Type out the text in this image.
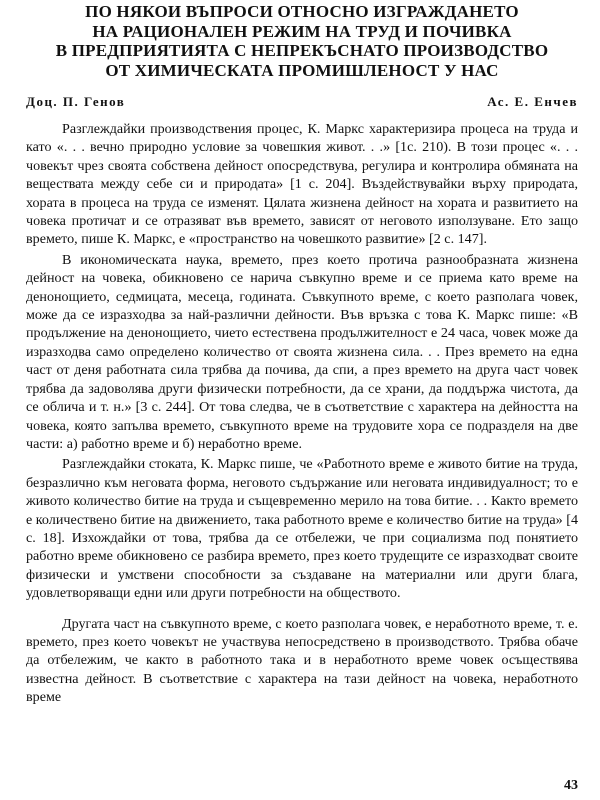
ПО НЯКОИ ВЪПРОСИ ОТНОСНО ИЗГРАЖДАНЕТО
НА РАЦИОНАЛЕН РЕЖИМ НА ТРУД И ПОЧИВКА
В ПРЕДПРИЯТИЯТА С НЕПРЕКЪСНАТО ПРОИЗВОДСТВО
ОТ ХИМИЧЕСКАТА ПРОМИШЛЕНОСТ У НАС
Доц. П. Генов	Ас. Е. Енчев

Разглеждайки производствения процес, К. Маркс характеризира процеса на труда и като «. . . вечно природно условие за човешкия живот. . .» [1с. 210). В този процес «. . . човекът чрез своята собствена дейност опосредствува, регулира и контролира обмяната на веществата между себе си и природата» [1 с. 204]. Въздействувайки върху природата, хората в процеса на труда се изменят. Цялата жизнена дейност на хората и развитието на човека протичат и се отразяват във времето, зависят от неговото използуване. Ето защо времето, пише К. Маркс, е «пространство на човешкото развитие» [2 с. 147].

В икономическата наука, времето, през което протича разнообразната жизнена дейност на човека, обикновено се нарича съвкупно време и се приема като време на денонощието, седмицата, месеца, годината. Съвкупното време, с което разполага човек, може да се изразходва за най-различни дейности. Във връзка с това К. Маркс пише: «В продължение на денонощието, чието естествена продължителност е 24 часа, човек може да изразходва само определено количество от своята жизнена сила. . . През времето на една част от деня работната сила трябва да почива, да спи, а през времето на друга част човек трябва да задоволява други физически потребности, да се храни, да поддържа чистота, да се облича и т. н.» [3 с. 244]. От това следва, че в съответствие с характера на дейността на човека, която запълва времето, съвкупното време на трудовите хора се подразделя на две части: а) работно време и б) неработно време.

Разглеждайки стоката, К. Маркс пише, че «Работното време е живото битие на труда, безразлично към неговата форма, неговото съдържание или неговата индивидуалност; то е живото количество битие на труда и същевременно мерило на това битие. . . Както времето е количествено битие на движението, така работното време е количество битие на труда» [4 с. 18]. Изхождайки от това, трябва да се отбележи, че при социализма под понятието работно време обикновено се разбира времето, през което трудещите се изразходват своите физически и умствени способности за създаване на материални или други блага, удовлетворяващи едни или други потребности на обществото.

Другата част на съвкупното време, с което разполага човек, е неработното време, т. е. времето, през което човекът не участвува непосредствено в производството. Трябва обаче да отбележим, че както в работното така и в неработното време човек осъществява известна дейност. В съответствие с характера на тази дейност на човека, неработното време

43
